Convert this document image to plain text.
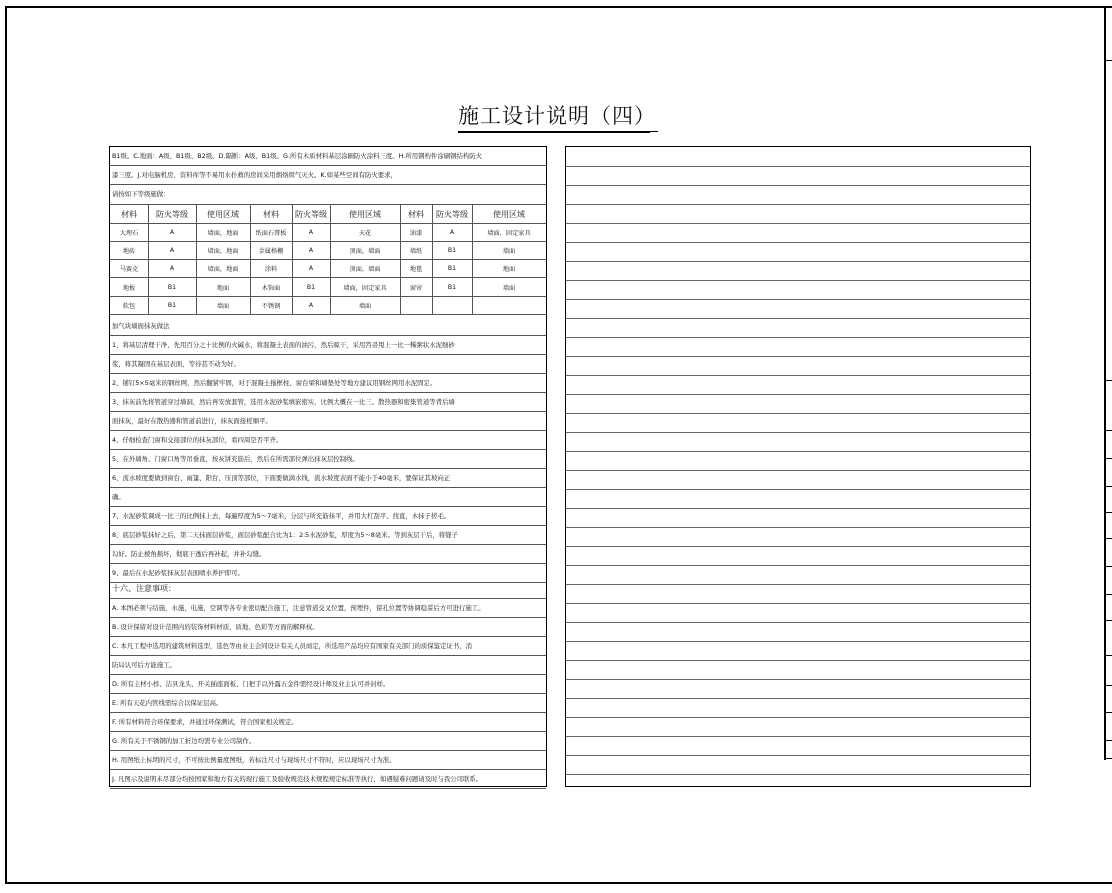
施工设计说明（四）
B1级。C.地面：A级、B1级、B2级。D.隔断：A级、B1级。G.所有木质材料基层涂刷防火涂料三度。H.所用钢构件涂刷钢结构防火
漆三度。J.对电脑机房、资料库等不易用水扑救的房间采用烟烙烬气灭火。K.如某些空间有防火要求，
请按如下等级施做：
加气块墙面抹灰做法
1、将基层清理干净，先用百分之十比例的火碱水，将混凝土表面的油污，然后晾干，采用笤帚甩上一比一稀粥状水泥细砂
浆，将其凝固在基层表面，等待甚不动为好。
2、铺钉5×5毫米的钢丝网，然后翻紧牢固，对于混凝土拖框柱、窗台梁和墙垫处等地方建议用钢丝网用水泥固定。
3、抹灰前先将管道穿过墙洞，然后再安放套管，选用水泥砂浆填嵌密实，比例大概在一比三。散热器和密集管道等背后墙
面抹灰，最好在散热器和管道前进行，抹灰面接槎顺平。
4、仔细检查门窗和交接部位的抹灰部位，看四周是否平齐。
5、在外墙角、门窗口角等吊垂直，按灰饼充筋后，然后在所需部位弹出抹灰层控制线。
6、流水坡度要做到窗台、雨篷、阳台、压顶等部位，下面要做滴水线，流水坡度表面不能小于40毫米，要保证其坡向正
确。
7、水泥砂浆调成一比三的比例抹上去，每遍厚度为5～7毫米，分层与所充筋抹平，并用大杠刮平、找直，木抹子搓毛。
8、底层砂浆抹好之后，第二天抹面层砂浆，面层砂浆配合比为1：2.5水泥砂浆，厚度为5～8毫米。等到灰层干后，将缝子
勾好。防止棱角损坏，彻底干透后再补起，并补勾缝。
9、最后在水泥砂浆抹灰层表面喷水养护即可。
十六、注意事项：
A. 本图必须与结施，水施，电施，空调等各专业密切配合施工，注意管道交叉位置，预埋件，留孔位置等协调稳妥后方可进行施工。
B. 设计保留对设计范围内的装饰材料材质、质地、色彩等方面的解释权。
C. 本凡工程中选用的建筑材料选型，选色等由业主会同设计有关人员商定，所选用产品均应有国家有关部门的质保鉴定证书，消
防局认可后方能施工。
D. 所有主材小样、洁具龙头、开关插座面板、门把手以外露五金件需经设计师及业主认可并封样。
E. 所有天花内管线需综合以保证层高。
F. 所有材料符合环保要求，并通过环保测试，符合国家相关规定。
G. 所有关于不锈钢的加工折边均需专业公司制作。
H. 用图纸上标明的尺寸，不可按比例量度图纸，若标注尺寸与现场尺寸不符时，应以现场尺寸为准。
J. 凡图示及说明未尽部分均按国家和地方有关的现行施工及验收规范技术规程规定标准等执行，如遇疑难问题请及时与我公司联系。
材料	防火等级	使用区域	材料	防火等级	使用区域	材料	防火等级	使用区域
大理石	A	墙面，地面	纸面石膏板	A	天花	油漆	A	墙面，固定家具
地砖	A	墙面，地面	金属格栅	A	顶面，墙面	墙纸	B1	墙面
马赛克	A	墙面，地面	涂料	A	顶面，墙面	地毯	B1	地面
地板	B1	地面	木饰面	B1	墙面，固定家具	窗帘	B1	墙面
软包	B1	墙面	不锈钢	A	墙面
